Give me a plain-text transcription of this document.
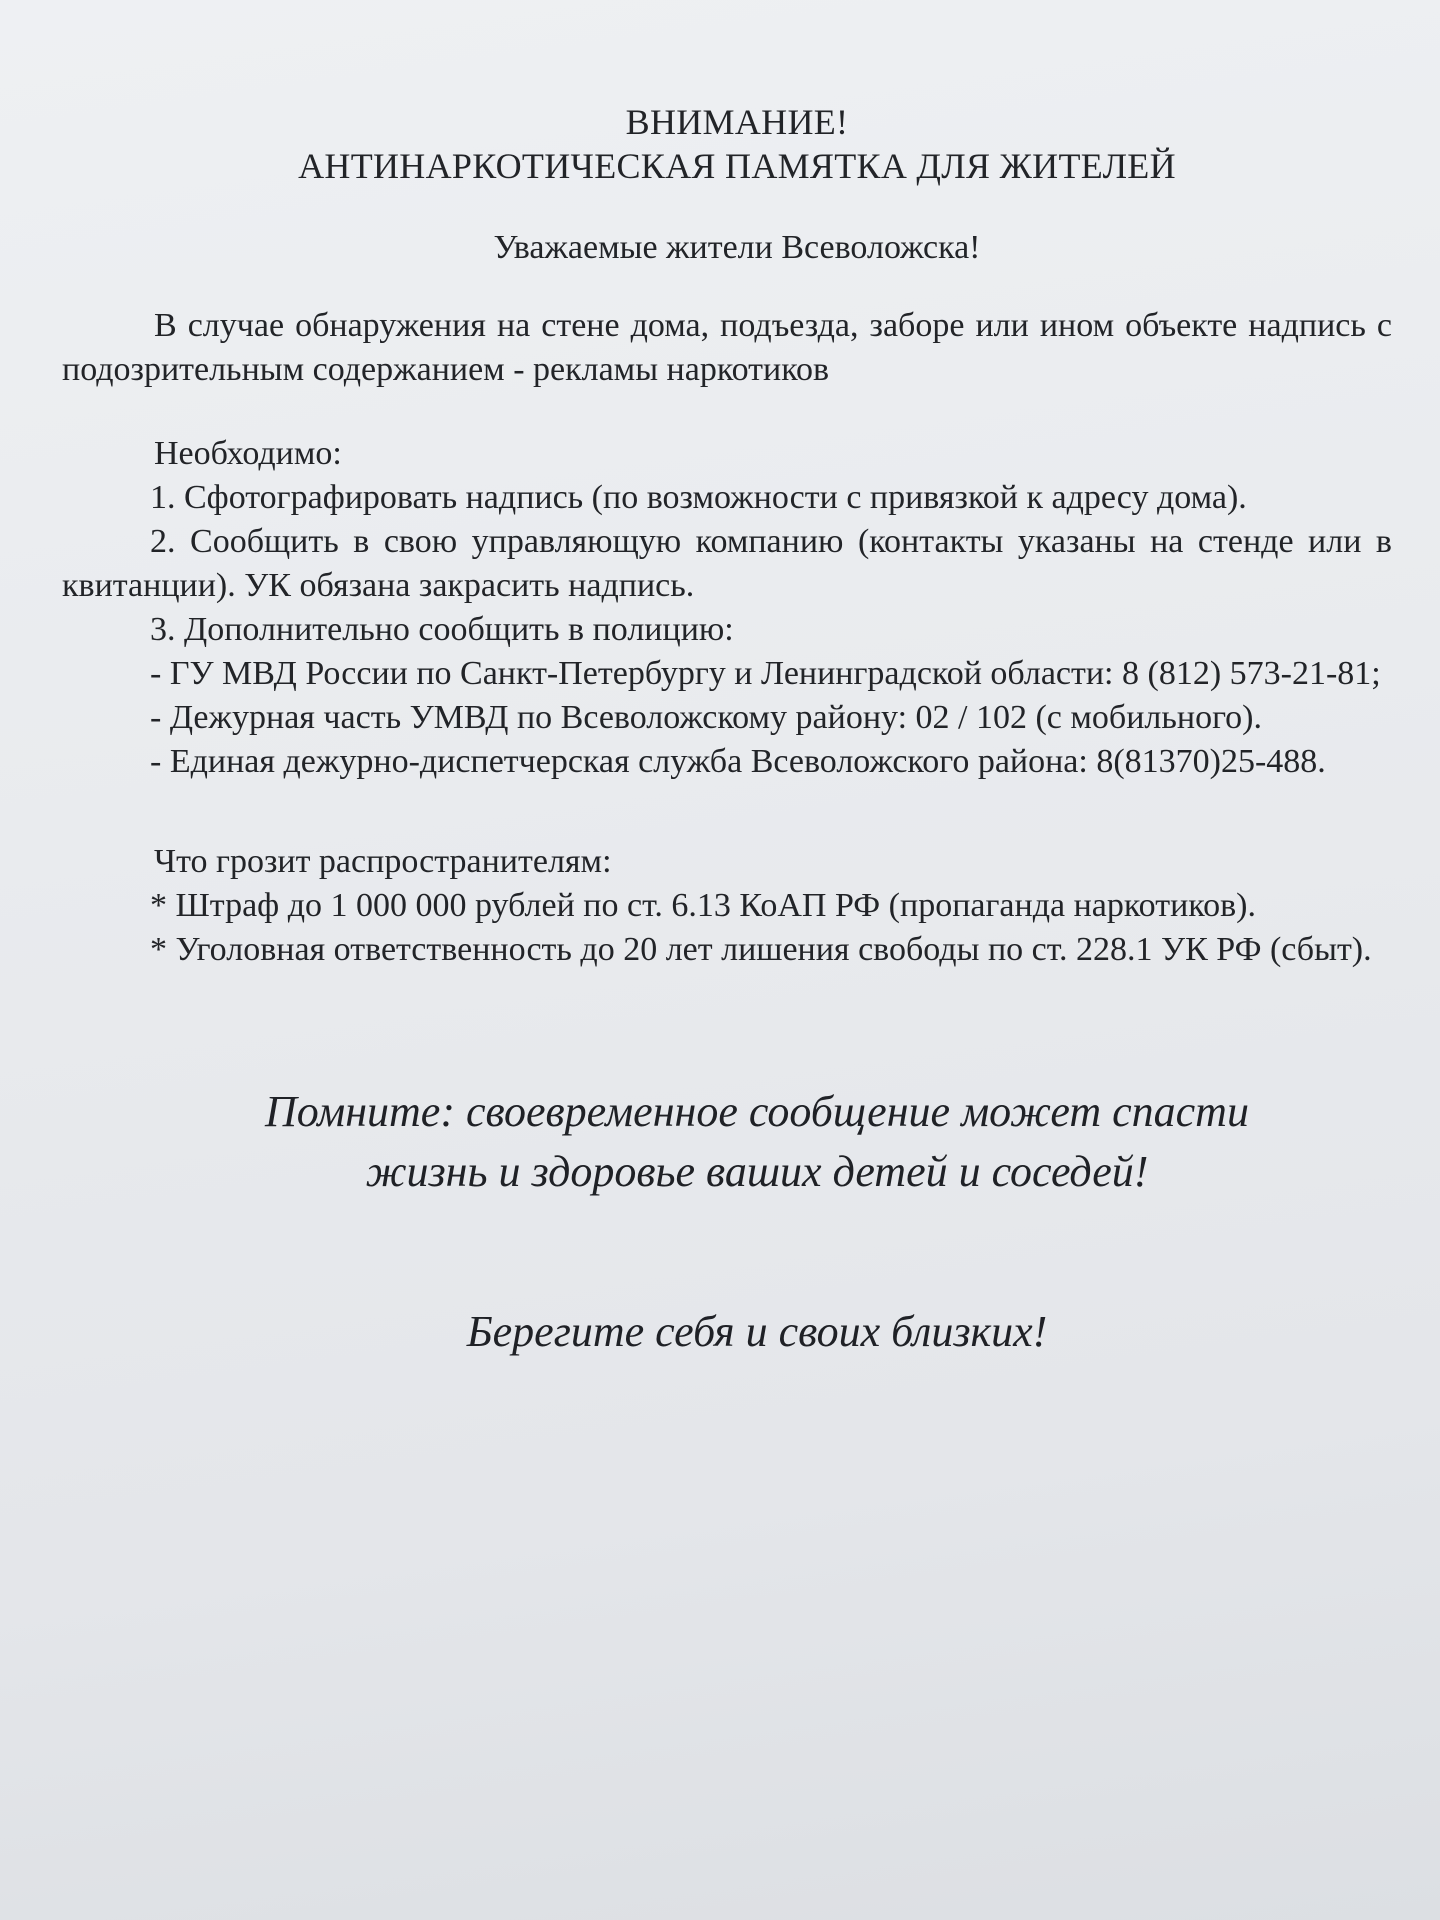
ВНИМАНИЕ!

АНТИНАРКОТИЧЕСКАЯ ПАМЯТКА ДЛЯ ЖИТЕЛЕЙ

Уважаемые жители Всеволожска!

В случае обнаружения на стене дома, подъезда, заборе или ином объекте надпись с подозрительным содержанием - рекламы наркотиков

Необходимо:

1. Сфотографировать надпись (по возможности с привязкой к адресу дома).

2. Сообщить в свою управляющую компанию (контакты указаны на стенде или в квитанции). УК обязана закрасить надпись.

3. Дополнительно сообщить в полицию:

- ГУ МВД России по Санкт-Петербургу и Ленинградской области: 8 (812) 573-21-81;

- Дежурная часть УМВД по Всеволожскому району: 02 / 102 (с мобильного).

- Единая дежурно-диспетчерская служба Всеволожского района: 8(81370)25-488.

Что грозит распространителям:

* Штраф до 1 000 000 рублей по ст. 6.13 КоАП РФ (пропаганда наркотиков).

* Уголовная ответственность до 20 лет лишения свободы по ст. 228.1 УК РФ (сбыт).

Помните: своевременное сообщение может спасти

жизнь и здоровье ваших детей и соседей!

Берегите себя и своих близких!
